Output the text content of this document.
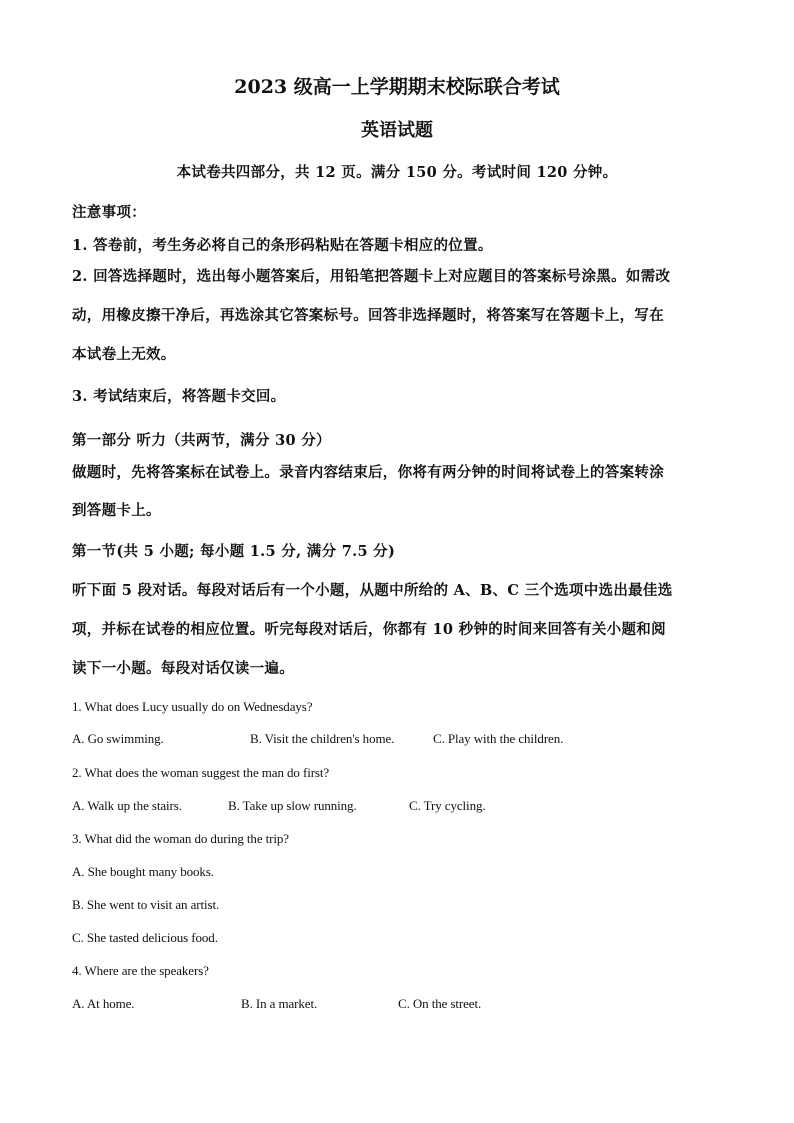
2023 级高一上学期期末校际联合考试
英语试题
本试卷共四部分，共 12 页。满分 150 分。考试时间 120 分钟。
注意事项：
1. 答卷前，考生务必将自己的条形码粘贴在答题卡相应的位置。
2. 回答选择题时，选出每小题答案后，用铅笔把答题卡上对应题目的答案标号涂黑。如需改
动，用橡皮擦干净后，再选涂其它答案标号。回答非选择题时，将答案写在答题卡上，写在
本试卷上无效。
3. 考试结束后，将答题卡交回。
第一部分 听力（共两节，满分 30 分）
做题时，先将答案标在试卷上。录音内容结束后，你将有两分钟的时间将试卷上的答案转涂
到答题卡上。
第一节(共 5 小题; 每小题 1.5 分, 满分 7.5 分)
听下面 5 段对话。每段对话后有一个小题，从题中所给的 A、B、C 三个选项中选出最佳选
项，并标在试卷的相应位置。听完每段对话后，你都有 10 秒钟的时间来回答有关小题和阅
读下一小题。每段对话仅读一遍。
1. What does Lucy usually do on Wednesdays?
A. Go swimming.	B. Visit the children's home.	C. Play with the children.
2. What does the woman suggest the man do first?
A. Walk up the stairs.	B. Take up slow running.	C. Try cycling.
3. What did the woman do during the trip?
A. She bought many books.
B. She went to visit an artist.
C. She tasted delicious food.
4. Where are the speakers?
A. At home.	B. In a market.	C. On the street.
